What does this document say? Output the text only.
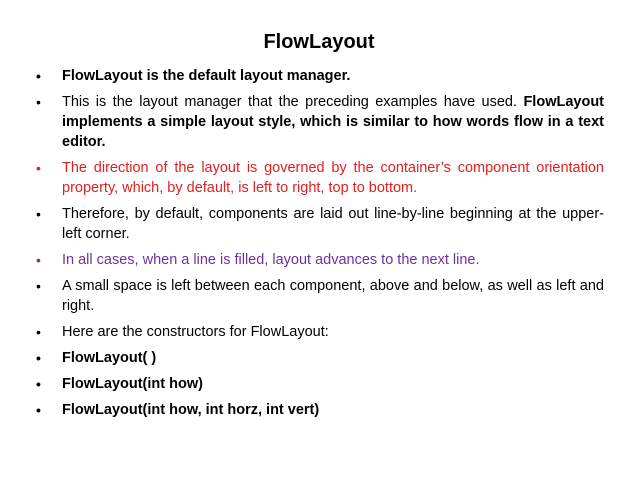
FlowLayout
• FlowLayout is the default layout manager.
• This is the layout manager that the preceding examples have used. FlowLayout implements a simple layout style, which is similar to how words flow in a text editor.
• The direction of the layout is governed by the container’s component orientation property, which, by default, is left to right, top to bottom.
• Therefore, by default, components are laid out line-by-line beginning at the upper-left corner.
• In all cases, when a line is filled, layout advances to the next line.
• A small space is left between each component, above and below, as well as left and right.
• Here are the constructors for FlowLayout:
• FlowLayout( )
• FlowLayout(int how)
• FlowLayout(int how, int horz, int vert)
